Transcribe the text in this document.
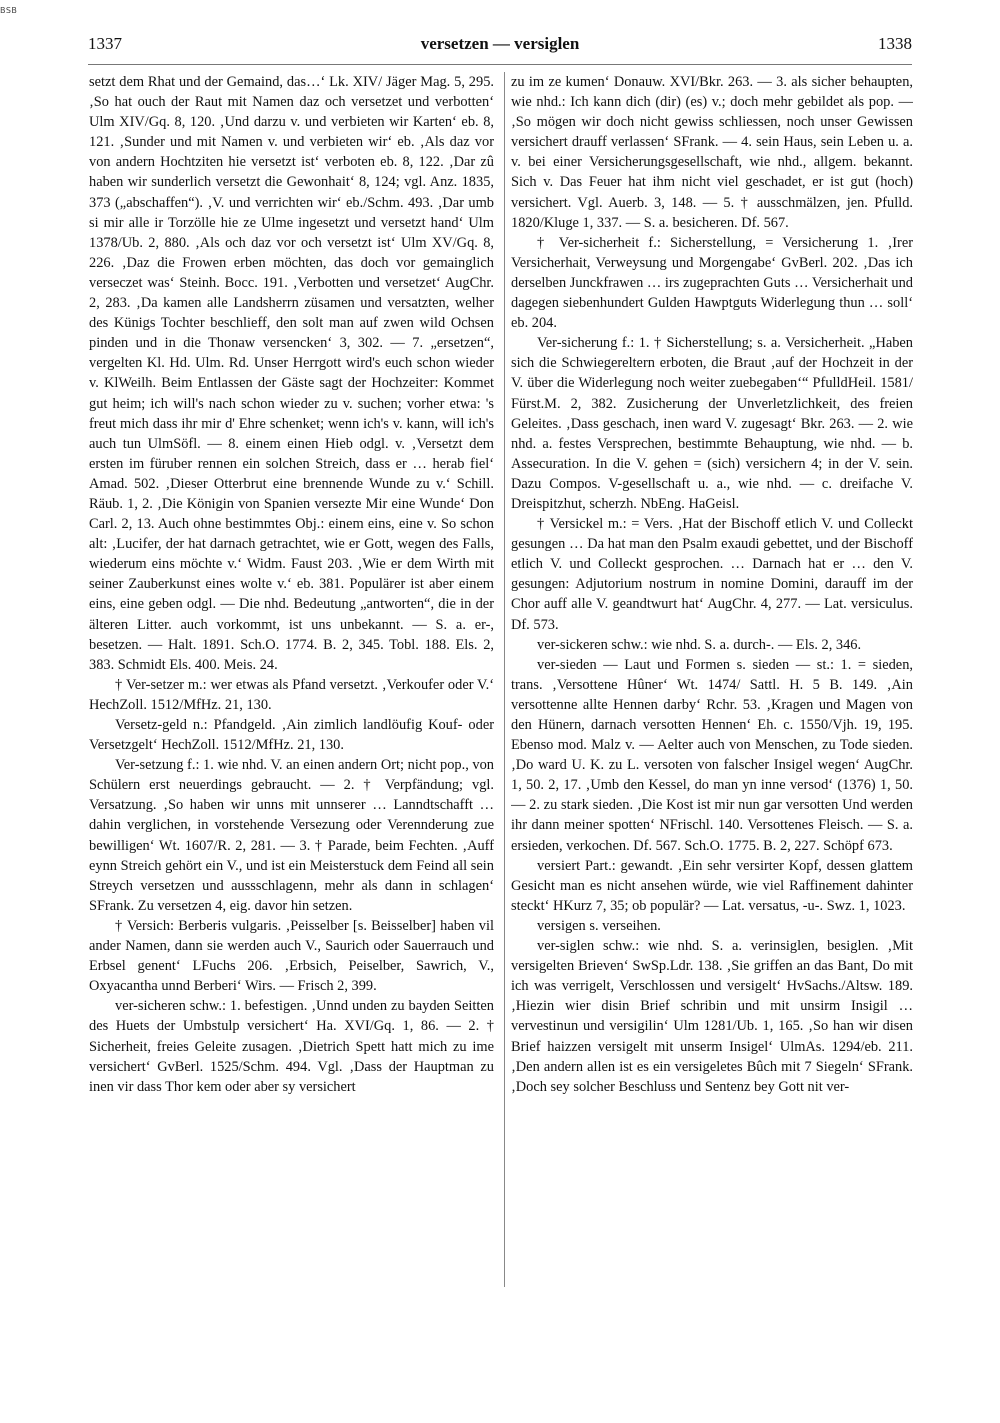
BSB
1337	versetzen — versiglen	1338

setzt dem Rhat und der Gemaind, das…‘ Lk. XIV/ Jäger Mag. 5, 295. ‚So hat ouch der Raut mit Namen daz och versetzet und verbotten‘ Ulm XIV/Gq. 8, 120. ‚Und darzu v. und verbieten wir Karten‘ eb. 8, 121. ‚Sunder und mit Namen v. und verbieten wir‘ eb. ‚Als daz vor von andern Hochtziten hie versetzt ist‘ verboten eb. 8, 122. ‚Dar zû haben wir sunderlich versetzt die Gewonhait‘ 8, 124; vgl. Anz. 1835, 373 („abschaffen“). ‚V. und verrichten wir‘ eb./Schm. 493. ‚Dar umb si mir alle ir Torzölle hie ze Ulme ingesetzt und versetzt hand‘ Ulm 1378/Ub. 2, 880. ‚Als och daz vor och versetzt ist‘ Ulm XV/Gq. 8, 226. ‚Daz die Frowen erben möchten, das doch vor gemainglich verseczet was‘ Steinh. Bocc. 191. ‚Verbotten und versetzet‘ AugChr. 2, 283. ‚Da kamen alle Landsherrn züsamen und versatzten, welher des Künigs Tochter beschlieff, den solt man auf zwen wild Ochsen pinden und in die Thonaw versencken‘ 3, 302. — 7. „ersetzen“, vergelten Kl. Hd. Ulm. Rd. Unser Herrgott wird's euch schon wieder v. KlWeilh. Beim Entlassen der Gäste sagt der Hochzeiter: Kommet gut heim; ich will's nach schon wieder zu v. suchen; vorher etwa: 's freut mich dass ihr mir d' Ehre schenket; wenn ich's v. kann, will ich's auch tun UlmSöfl. — 8. einem einen Hieb odgl. v. ‚Versetzt dem ersten im füruber rennen ein solchen Streich, dass er … herab fiel‘ Amad. 502. ‚Dieser Otterbrut eine brennende Wunde zu v.‘ Schill. Räub. 1, 2. ‚Die Königin von Spanien versezte Mir eine Wunde‘ Don Carl. 2, 13. Auch ohne bestimmtes Obj.: einem eins, eine v. So schon alt: ‚Lucifer, der hat darnach getrachtet, wie er Gott, wegen des Falls, wiederum eins möchte v.‘ Widm. Faust 203. ‚Wie er dem Wirth mit seiner Zauberkunst eines wolte v.‘ eb. 381. Populärer ist aber einem eins, eine geben odgl. — Die nhd. Bedeutung „antworten“, die in der älteren Litter. auch vorkommt, ist uns unbekannt. — S. a. er-, besetzen. — Halt. 1891. Sch.O. 1774. B. 2, 345. Tobl. 188. Els. 2, 383. Schmidt Els. 400. Meis. 24.

† Ver-setzer m.: wer etwas als Pfand versetzt. ‚Verkoufer oder V.‘ HechZoll. 1512/MfHz. 21, 130.

Versetz-geld n.: Pfandgeld. ‚Ain zimlich landlöufig Kouf- oder Versetzgelt‘ HechZoll. 1512/MfHz. 21, 130.

Ver-setzung f.: 1. wie nhd. V. an einen andern Ort; nicht pop., von Schülern erst neuerdings gebraucht. — 2. † Verpfändung; vgl. Versatzung. ‚So haben wir unns mit unnserer … Lanndtschafft … dahin verglichen, in vorstehende Versezung oder Verennderung zue bewilligen‘ Wt. 1607/R. 2, 281. — 3. † Parade, beim Fechten. ‚Auff eynn Streich gehört ein V., und ist ein Meisterstuck dem Feind all sein Streych versetzen und aussschlagenn, mehr als dann in schlagen‘ SFrank. Zu versetzen 4, eig. davor hin setzen.

† Versich: Berberis vulgaris. ‚Peisselber [s. Beisselber] haben vil ander Namen, dann sie werden auch V., Saurich oder Sauerrauch und Erbsel genent‘ LFuchs 206. ‚Erbsich, Peiselber, Sawrich, V., Oxyacantha unnd Berberi‘ Wirs. — Frisch 2, 399.

ver-sicheren schw.: 1. befestigen. ‚Unnd unden zu bayden Seitten des Huets der Umbstulp versichert‘ Ha. XVI/Gq. 1, 86. — 2. † Sicherheit, freies Geleite zusagen. ‚Dietrich Spett hatt mich zu ime versichert‘ GvBerl. 1525/Schm. 494. Vgl. ‚Dass der Hauptman zu inen vir dass Thor kem oder aber sy versichert

zu im ze kumen‘ Donauw. XVI/Bkr. 263. — 3. als sicher behaupten, wie nhd.: Ich kann dich (dir) (es) v.; doch mehr gebildet als pop. — ‚So mögen wir doch nicht gewiss schliessen, noch unser Gewissen versichert drauff verlassen‘ SFrank. — 4. sein Haus, sein Leben u. a. v. bei einer Versicherungsgesellschaft, wie nhd., allgem. bekannt. Sich v. Das Feuer hat ihm nicht viel geschadet, er ist gut (hoch) versichert. Vgl. Auerb. 3, 148. — 5. † ausschmälzen, jen. Pfulld. 1820/Kluge 1, 337. — S. a. besicheren. Df. 567.

† Ver-sicherheit f.: Sicherstellung, = Versicherung 1. ‚Irer Versicherhait, Verweysung und Morgengabe‘ GvBerl. 202. ‚Das ich derselben Junckfrawen … irs zugeprachten Guts … Versicherhait und dagegen siebenhundert Gulden Hawptguts Widerlegung thun … soll‘ eb. 204.

Ver-sicherung f.: 1. † Sicherstellung; s. a. Versicherheit. „Haben sich die Schwiegereltern erboten, die Braut ‚auf der Hochzeit in der V. über die Widerlegung noch weiter zuebegaben‘“ PfulldHeil. 1581/ Fürst.M. 2, 382. Zusicherung der Unverletzlichkeit, des freien Geleites. ‚Dass geschach, inen ward V. zugesagt‘ Bkr. 263. — 2. wie nhd. a. festes Versprechen, bestimmte Behauptung, wie nhd. — b. Assecuration. In die V. gehen = (sich) versichern 4; in der V. sein. Dazu Compos. V-gesellschaft u. a., wie nhd. — c. dreifache V. Dreispitzhut, scherzh. NbEng. HaGeisl.

† Versickel m.: = Vers. ‚Hat der Bischoff etlich V. und Colleckt gesungen … Da hat man den Psalm exaudi gebettet, und der Bischoff etlich V. und Colleckt gesprochen. … Darnach hat er … den V. gesungen: Adjutorium nostrum in nomine Domini, darauff im der Chor auff alle V. geandtwurt hat‘ AugChr. 4, 277. — Lat. versiculus. Df. 573.

ver-sickeren schw.: wie nhd. S. a. durch-. — Els. 2, 346.

ver-sieden — Laut und Formen s. sieden — st.: 1. = sieden, trans. ‚Versottene Hûner‘ Wt. 1474/ Sattl. H. 5 B. 149. ‚Ain versottenne allte Hennen darby‘ Rchr. 53. ‚Kragen und Magen von den Hünern, darnach versotten Hennen‘ Eh. c. 1550/Vjh. 19, 195. Ebenso mod. Malz v. — Aelter auch von Menschen, zu Tode sieden. ‚Do ward U. K. zu L. versoten von falscher Insigel wegen‘ AugChr. 1, 50. 2, 17. ‚Umb den Kessel, do man yn inne versod‘ (1376) 1, 50. — 2. zu stark sieden. ‚Die Kost ist mir nun gar versotten Und werden ihr dann meiner spotten‘ NFrischl. 140. Versottenes Fleisch. — S. a. ersieden, verkochen. Df. 567. Sch.O. 1775. B. 2, 227. Schöpf 673.

versiert Part.: gewandt. ‚Ein sehr versirter Kopf, dessen glattem Gesicht man es nicht ansehen würde, wie viel Raffinement dahinter steckt‘ HKurz 7, 35; ob populär? — Lat. versatus, -u-. Swz. 1, 1023.

versigen s. verseihen.

ver-siglen schw.: wie nhd. S. a. verinsiglen, besiglen. ‚Mit versigelten Brieven‘ SwSp.Ldr. 138. ‚Sie griffen an das Bant, Do mit ich was verrigelt, Verschlossen und versigelt‘ HvSachs./Altsw. 189. ‚Hiezin wier disin Brief schribin und mit unsirm Insigil … vervestinun und versigilin‘ Ulm 1281/Ub. 1, 165. ‚So han wir disen Brief haizzen versigelt mit unserm Insigel‘ UlmAs. 1294/eb. 211. ‚Den andern allen ist es ein versigeletes Bûch mit 7 Siegeln‘ SFrank. ‚Doch sey solcher Beschluss und Sentenz bey Gott nit ver-
